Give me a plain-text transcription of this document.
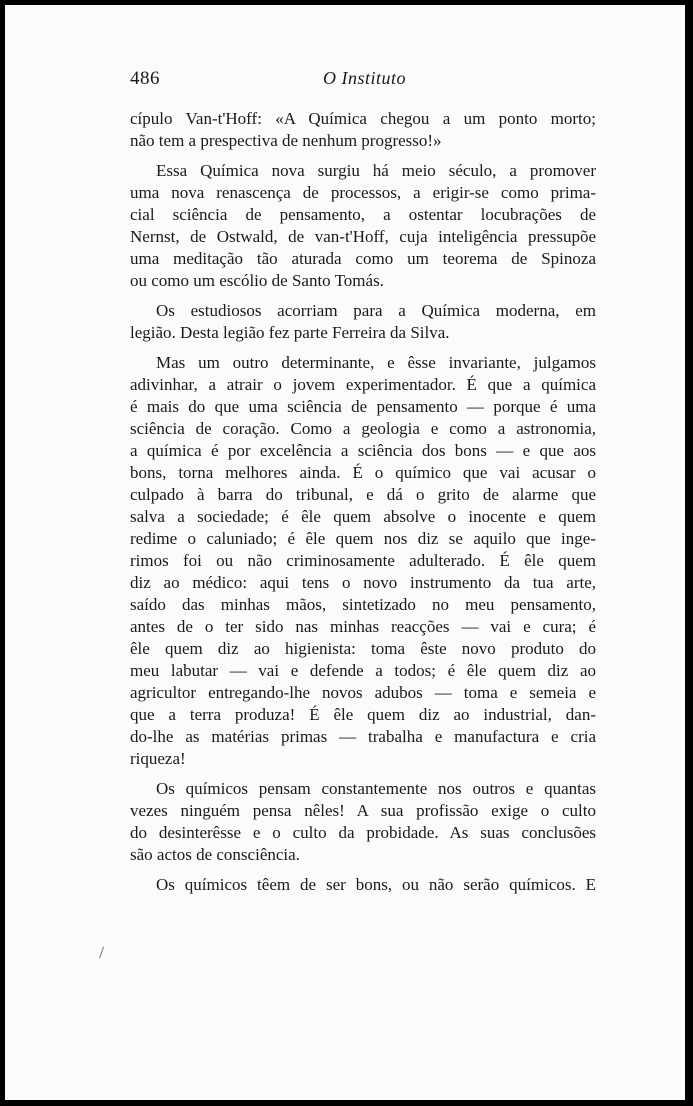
486	O Instituto
cípulo Van-t'Hoff: «A Química chegou a um ponto morto;
não tem a prespectiva de nenhum progresso!»
Essa Química nova surgiu há meio século, a promover
uma nova renascença de processos, a erigir-se como prima-
cial sciência de pensamento, a ostentar locubrações de
Nernst, de Ostwald, de van-t'Hoff, cuja inteligência pressupõe
uma meditação tão aturada como um teorema de Spinoza
ou como um escólio de Santo Tomás.
Os estudiosos acorriam para a Química moderna, em
legião. Desta legião fez parte Ferreira da Silva.
Mas um outro determinante, e êsse invariante, julgamos
adivinhar, a atrair o jovem experimentador. É que a química
é mais do que uma sciência de pensamento — porque é uma
sciência de coração. Como a geologia e como a astronomia,
a química é por excelência a sciência dos bons — e que aos
bons, torna melhores ainda. É o químico que vai acusar o
culpado à barra do tribunal, e dá o grito de alarme que
salva a sociedade; é êle quem absolve o inocente e quem
redime o caluniado; é êle quem nos diz se aquilo que inge-
rimos foi ou não criminosamente adulterado. É êle quem
diz ao médico: aqui tens o novo instrumento da tua arte,
saído das minhas mãos, sintetizado no meu pensamento,
antes de o ter sido nas minhas reacções — vai e cura; é
êle quem diz ao higienista: toma êste novo produto do
meu labutar — vai e defende a todos; é êle quem diz ao
agricultor entregando-lhe novos adubos — toma e semeia e
que a terra produza! É êle quem diz ao industrial, dan-
do-lhe as matérias primas — trabalha e manufactura e cria
riqueza!
Os químicos pensam constantemente nos outros e quantas
vezes ninguém pensa nêles! A sua profissão exige o culto
do desinterêsse e o culto da probidade. As suas conclusões
são actos de consciência.
Os químicos têem de ser bons, ou não serão químicos. E
